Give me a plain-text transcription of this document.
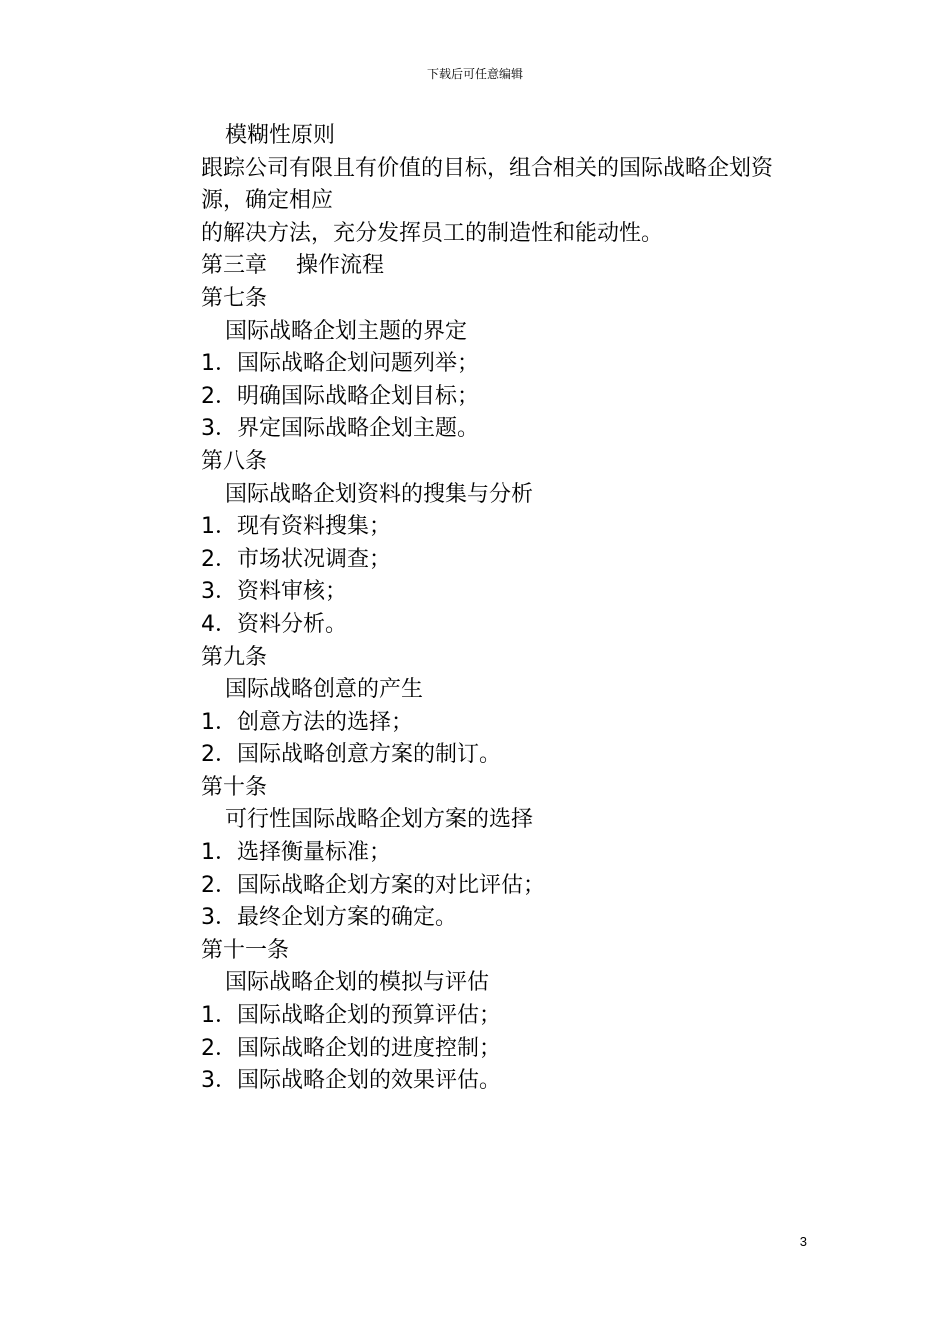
下载后可任意编辑
模糊性原则
跟踪公司有限且有价值的目标，组合相关的国际战略企划资
源，确定相应
的解决方法，充分发挥员工的制造性和能动性。
第三章　 操作流程
第七条
国际战略企划主题的界定
1．国际战略企划问题列举；
2．明确国际战略企划目标；
3．界定国际战略企划主题。
第八条
国际战略企划资料的搜集与分析
1．现有资料搜集；
2．市场状况调查；
3．资料审核；
4．资料分析。
第九条
国际战略创意的产生
1．创意方法的选择；
2．国际战略创意方案的制订。
第十条
可行性国际战略企划方案的选择
1．选择衡量标准；
2．国际战略企划方案的对比评估；
3．最终企划方案的确定。
第十一条
国际战略企划的模拟与评估
1．国际战略企划的预算评估；
2．国际战略企划的进度控制；
3．国际战略企划的效果评估。
3
